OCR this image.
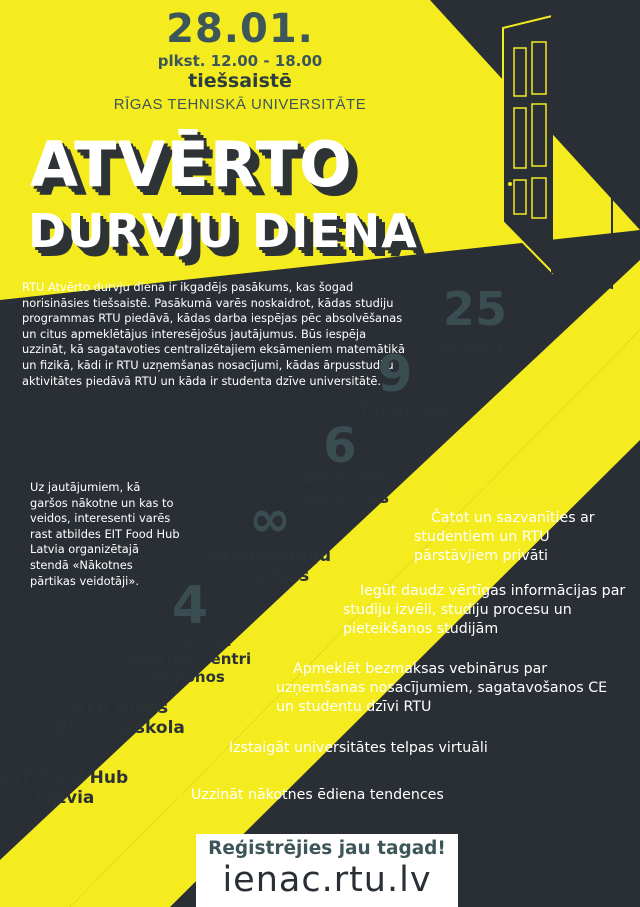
28.01.

plkst. 12.00 - 18.00

tiešsaistē

RĪGAS TEHNISKĀ UNIVERSITĀTE

ATVĒRTO

DURVJU DIENA

RTU Atvērto durvju diena ir ikgadējs pasākums, kas šogad norisināsies tiešsaistē. Pasākumā varēs noskaidrot, kādas studiju programmas RTU piedāvā, kādas darba iespējas pēc absolvēšanas un citus apmeklētājus interesējošus jautājumus. Būs iespēja uzzināt, kā sagatavoties centralizētajiem eksāmeniem matemātikā un fizikā, kādi ir RTU uzņemšanas nosacījumi, kādas ārpusstudiju aktivitātes piedāvā RTU un kāda ir studenta dzīve universitātē.

Uz jautājumiem, kā garšos nākotne un kas to veidos, interesenti varēs rast atbildes EIT Food Hub Latvia organizētajā stendā «Nākotnes pārtikas veidotāji».

25

stendi

9

fakultātes

6

Dienesta viesnīcas

∞

Ārpusstudiju iespējas

4

Studiju un zinātnes centri reģionos

RTU Rīgas Biznesa skola

EIT Food Hub Latvia

Tava iespēja:

Čatot un sazvanīties ar studentiem un RTU pārstāvjiem privāti
Iegūt daudz vērtīgas informācijas par studiju izvēli, studiju procesu un pieteikšanos studijām
Apmeklēt bezmaksas vebinārus par uzņemšanas nosacījumiem, sagatavošanos CE un studentu dzīvi RTU
Izstaigāt universitātes telpas virtuāli
Uzzināt nākotnes ēdiena tendences

Reģistrējies jau tagad!

ienac.rtu.lv
